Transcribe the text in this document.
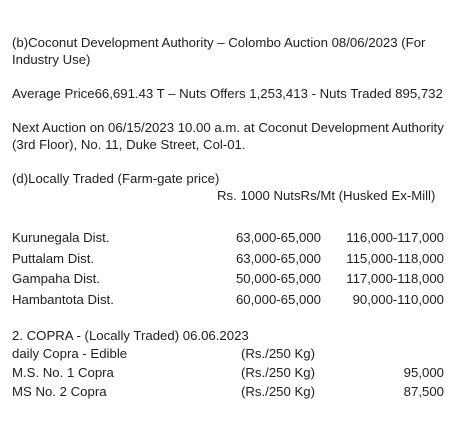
(b)Coconut Development Authority – Colombo Auction 08/06/2023 (For Industry Use)

Average Price66,691.43 T – Nuts Offers 1,253,413 - Nuts Traded 895,732

Next Auction on 06/15/2023 10.00 a.m. at Coconut Development Authority (3rd Floor), No. 11, Duke Street, Col-01.

(d)Locally Traded (Farm-gate price)

Rs. 1000 NutsRs/Mt (Husked Ex-Mill)
Kurunegala Dist.	63,000-65,000 116,000-117,000
Puttalam Dist.	63,000-65,000 115,000-118,000
Gampaha Dist.	50,000-65,000 117,000-118,000
Hambantota Dist.	60,000-65,000 90,000-110,000

2. COPRA - (Locally Traded) 06.06.2023

daily Copra - Edible	(Rs./250 Kg)
M.S. No. 1 Copra	(Rs./250 Kg)	95,000
MS No. 2 Copra	(Rs./250 Kg)	87,500
